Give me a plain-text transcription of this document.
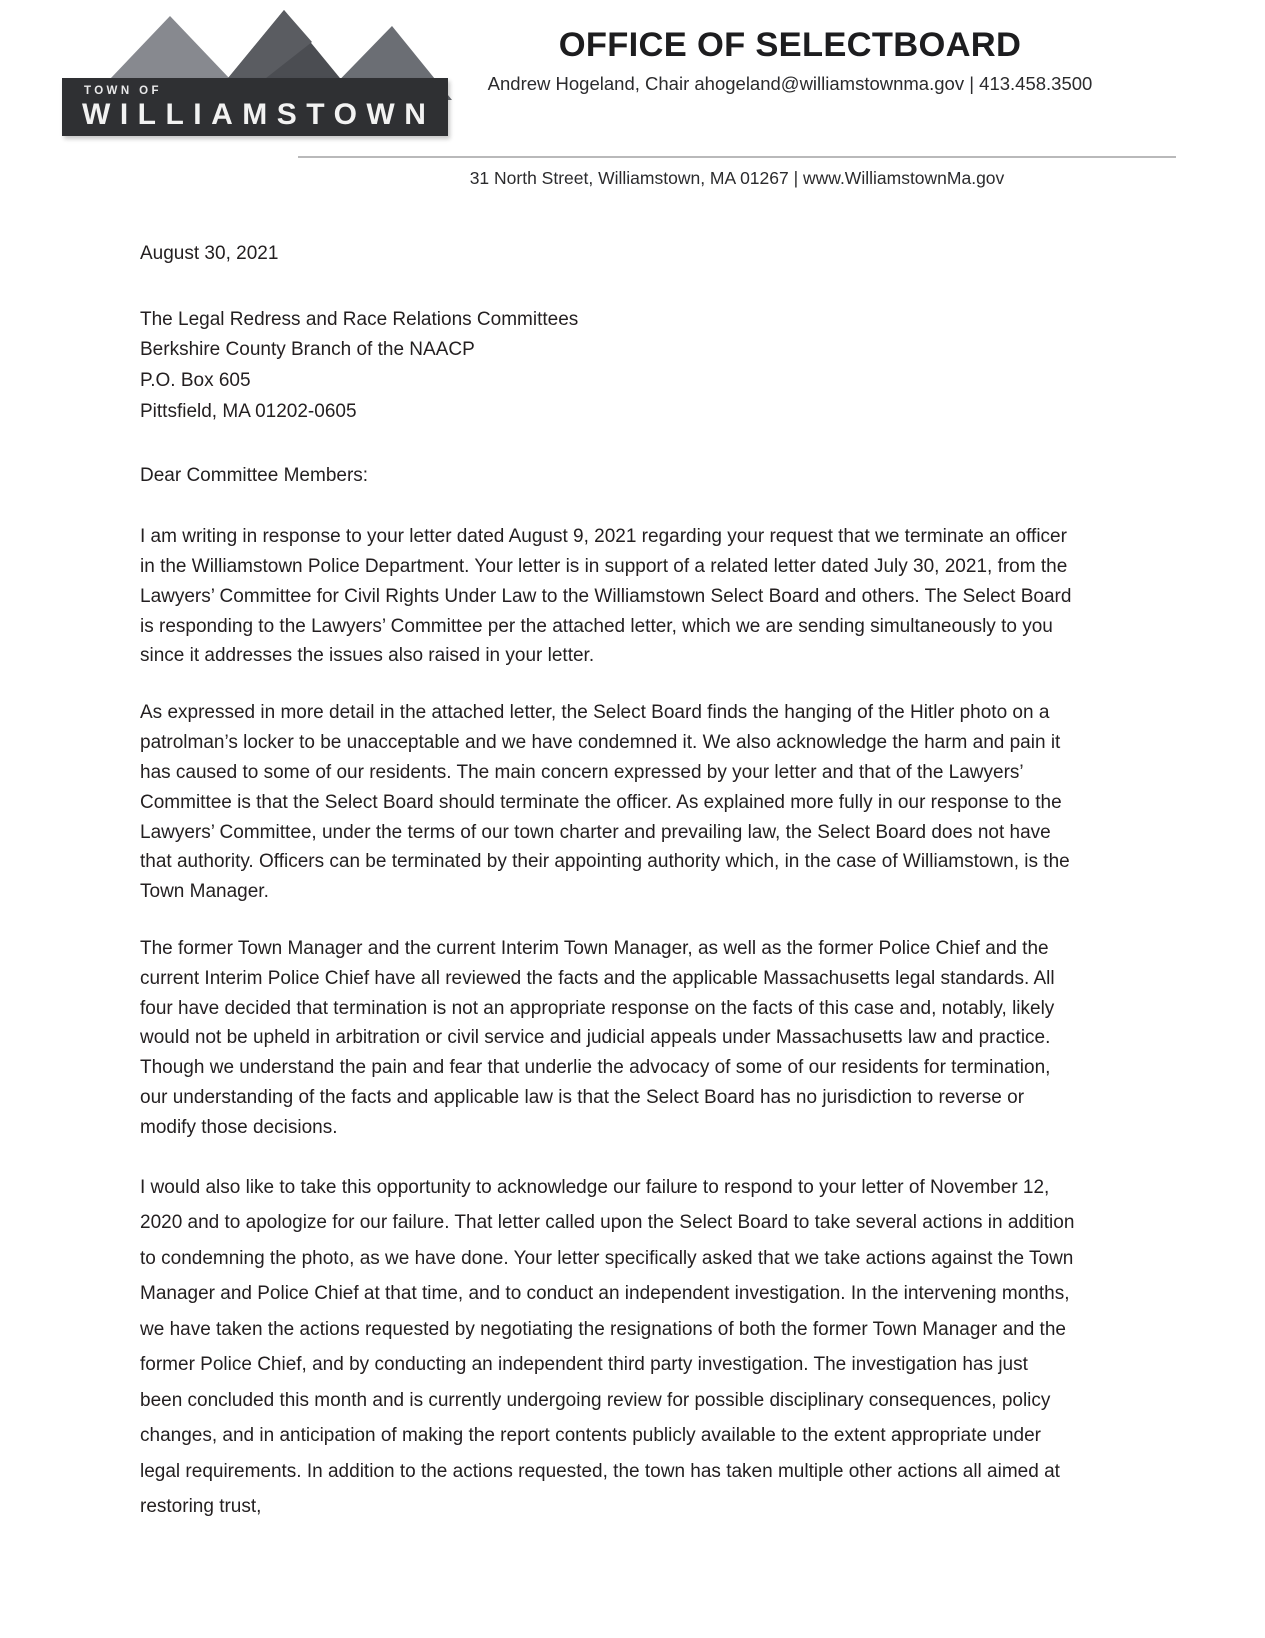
TOWN OF
WILLIAMSTOWN
OFFICE OF SELECTBOARD
Andrew Hogeland, Chair ahogeland@williamstownma.gov | 413.458.3500
31 North Street, Williamstown, MA 01267 | www.WilliamstownMa.gov
August 30, 2021
The Legal Redress and Race Relations Committees
Berkshire County Branch of the NAACP
P.O. Box 605
Pittsfield, MA 01202-0605
Dear Committee Members:

I am writing in response to your letter dated August 9, 2021 regarding your request that we terminate an officer in the Williamstown Police Department. Your letter is in support of a related letter dated July 30, 2021, from the Lawyers’ Committee for Civil Rights Under Law to the Williamstown Select Board and others. The Select Board is responding to the Lawyers’ Committee per the attached letter, which we are sending simultaneously to you since it addresses the issues also raised in your letter.

As expressed in more detail in the attached letter, the Select Board finds the hanging of the Hitler photo on a patrolman’s locker to be unacceptable and we have condemned it. We also acknowledge the harm and pain it has caused to some of our residents. The main concern expressed by your letter and that of the Lawyers’ Committee is that the Select Board should terminate the officer. As explained more fully in our response to the Lawyers’ Committee, under the terms of our town charter and prevailing law, the Select Board does not have that authority. Officers can be terminated by their appointing authority which, in the case of Williamstown, is the Town Manager.

The former Town Manager and the current Interim Town Manager, as well as the former Police Chief and the current Interim Police Chief have all reviewed the facts and the applicable Massachusetts legal standards. All four have decided that termination is not an appropriate response on the facts of this case and, notably, likely would not be upheld in arbitration or civil service and judicial appeals under Massachusetts law and practice. Though we understand the pain and fear that underlie the advocacy of some of our residents for termination, our understanding of the facts and applicable law is that the Select Board has no jurisdiction to reverse or modify those decisions.

I would also like to take this opportunity to acknowledge our failure to respond to your letter of November 12, 2020 and to apologize for our failure. That letter called upon the Select Board to take several actions in addition to condemning the photo, as we have done. Your letter specifically asked that we take actions against the Town Manager and Police Chief at that time, and to conduct an independent investigation. In the intervening months, we have taken the actions requested by negotiating the resignations of both the former Town Manager and the former Police Chief, and by conducting an independent third party investigation. The investigation has just been concluded this month and is currently undergoing review for possible disciplinary consequences, policy changes, and in anticipation of making the report contents publicly available to the extent appropriate under legal requirements. In addition to the actions requested, the town has taken multiple other actions all aimed at restoring trust,
